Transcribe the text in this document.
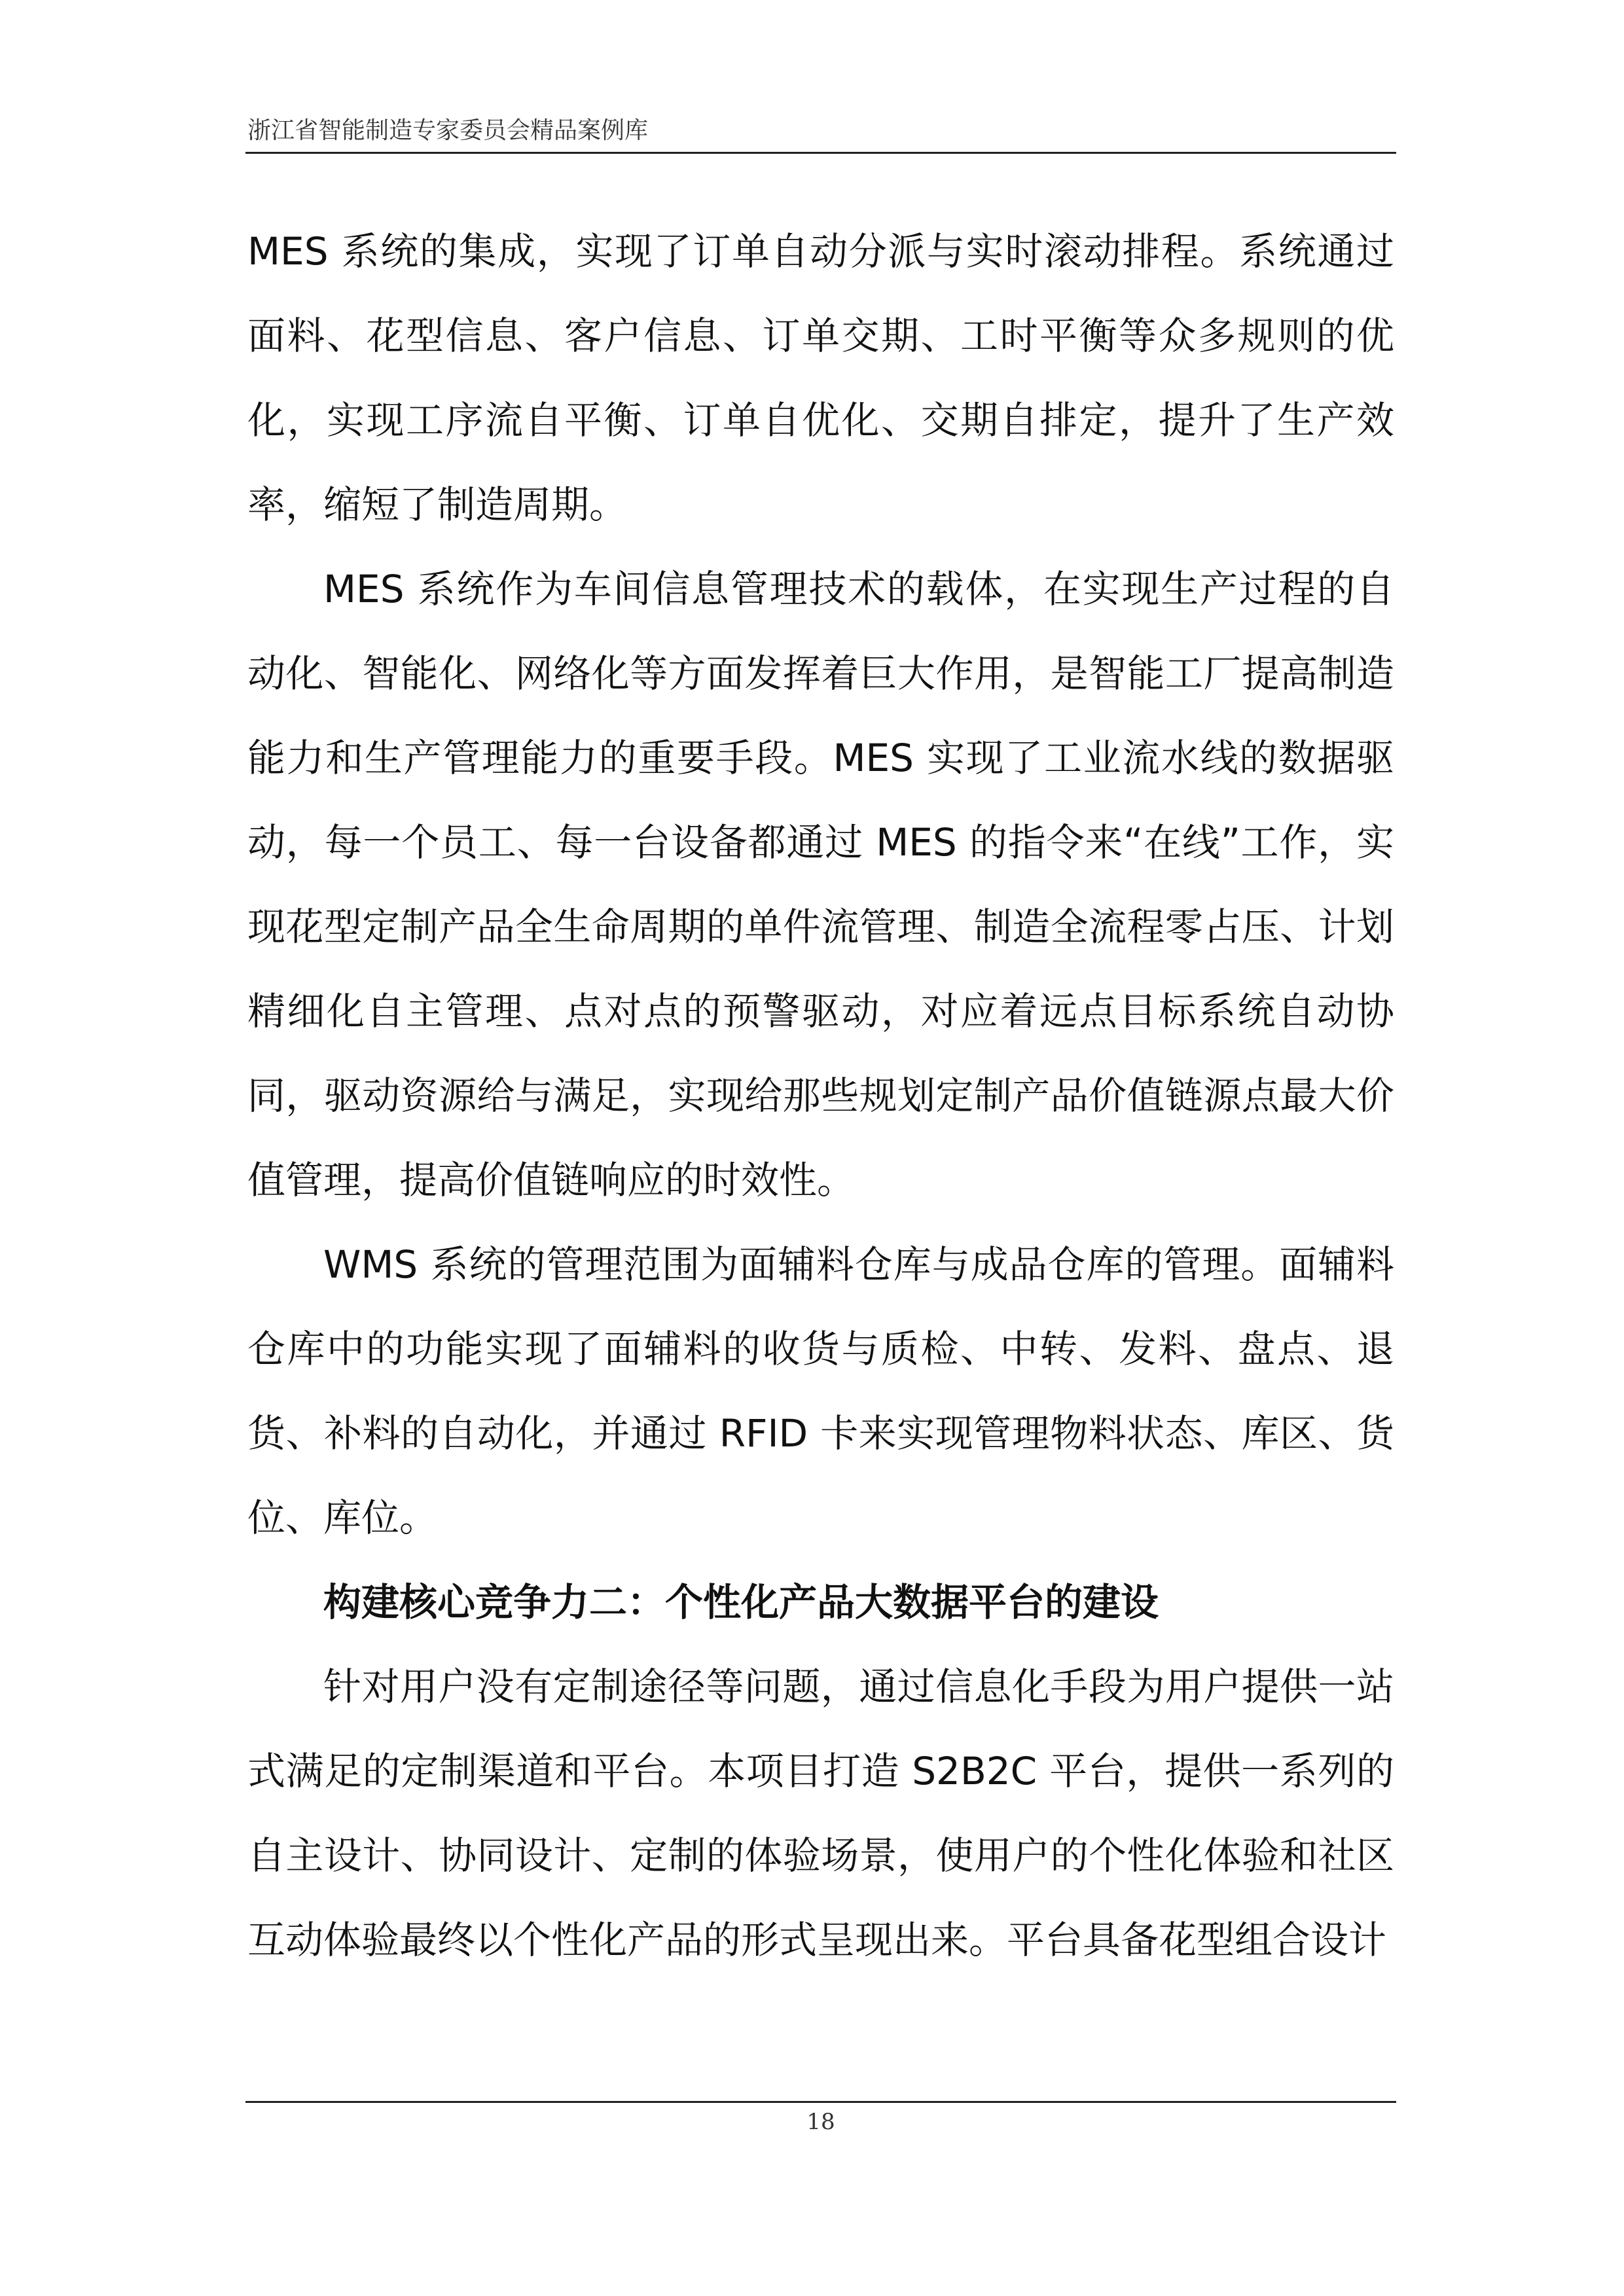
浙江省智能制造专家委员会精品案例库

MES 系统的集成，实现了订单自动分派与实时滚动排程。系统通过面料、花型信息、客户信息、订单交期、工时平衡等众多规则的优化，实现工序流自平衡、订单自优化、交期自排定，提升了生产效率，缩短了制造周期。

MES 系统作为车间信息管理技术的载体，在实现生产过程的自动化、智能化、网络化等方面发挥着巨大作用，是智能工厂提高制造能力和生产管理能力的重要手段。MES 实现了工业流水线的数据驱动，每一个员工、每一台设备都通过 MES 的指令来“在线”工作，实现花型定制产品全生命周期的单件流管理、制造全流程零占压、计划精细化自主管理、点对点的预警驱动，对应着远点目标系统自动协同，驱动资源给与满足，实现给那些规划定制产品价值链源点最大价值管理，提高价值链响应的时效性。

WMS 系统的管理范围为面辅料仓库与成品仓库的管理。面辅料仓库中的功能实现了面辅料的收货与质检、中转、发料、盘点、退货、补料的自动化，并通过 RFID 卡来实现管理物料状态、库区、货位、库位。

构建核心竞争力二：个性化产品大数据平台的建设

针对用户没有定制途径等问题，通过信息化手段为用户提供一站式满足的定制渠道和平台。本项目打造 S2B2C 平台，提供一系列的自主设计、协同设计、定制的体验场景，使用户的个性化体验和社区互动体验最终以个性化产品的形式呈现出来。平台具备花型组合设计

18
